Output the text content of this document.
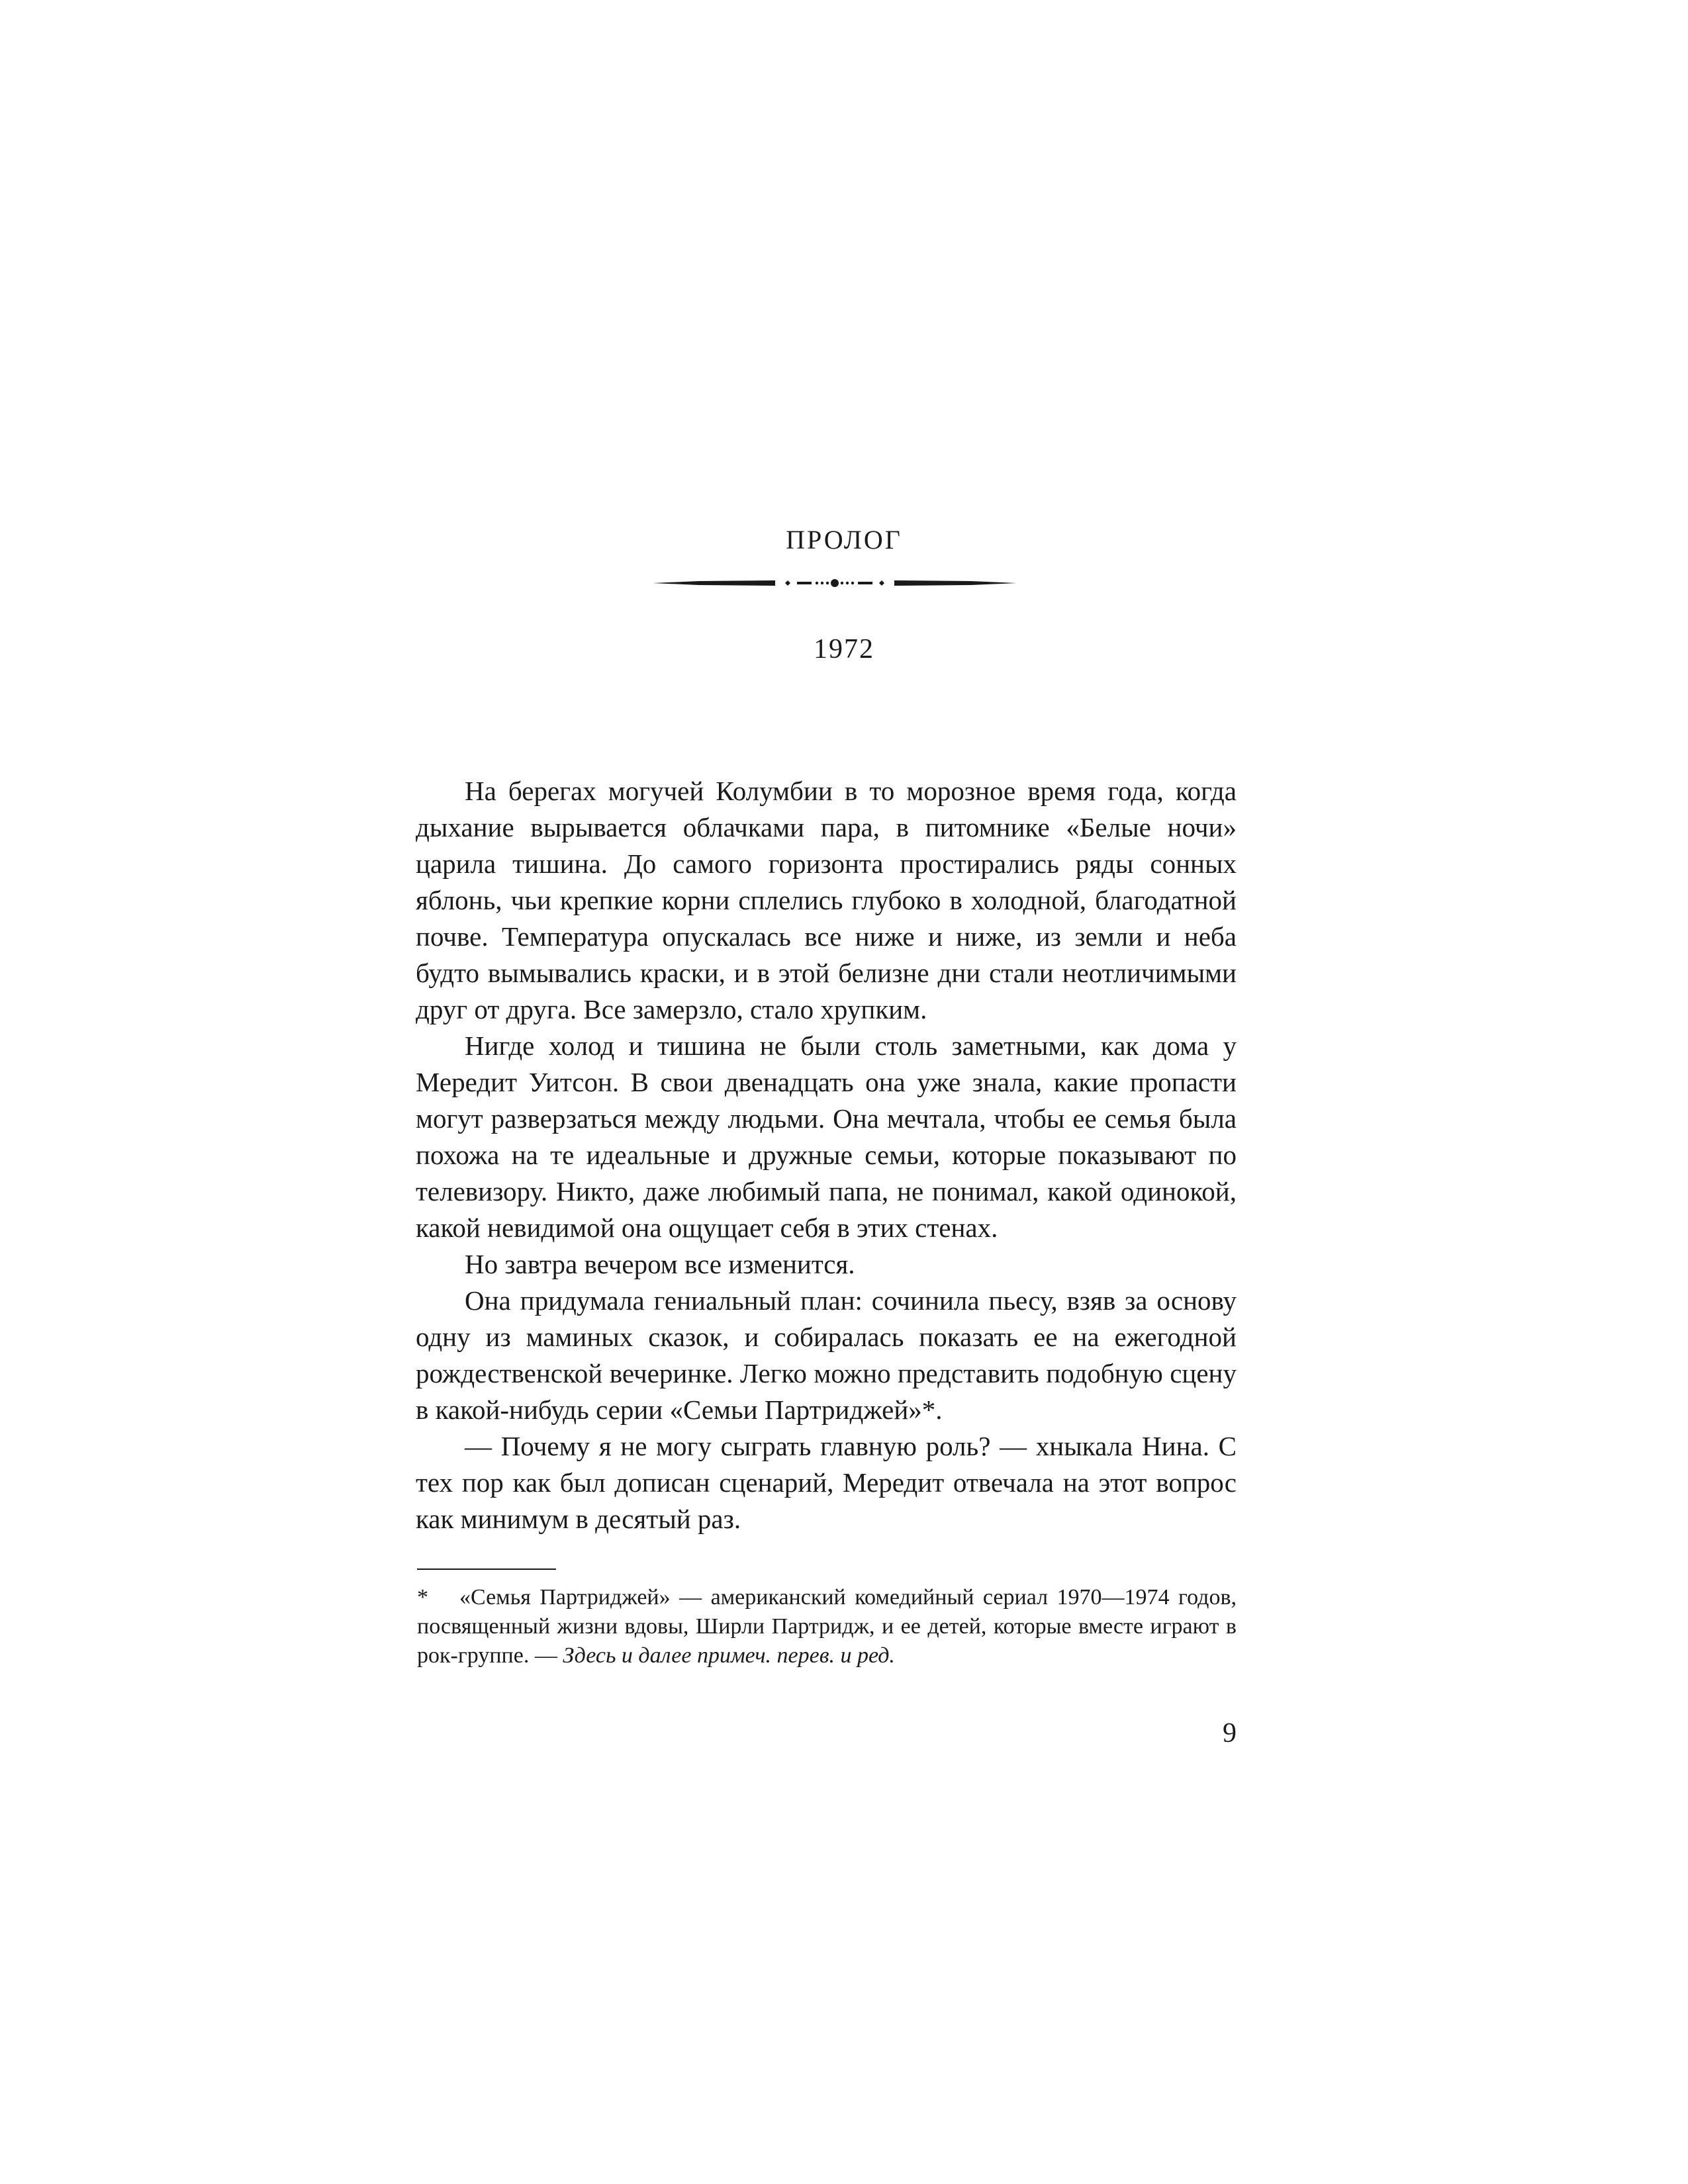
ПРОЛОГ
1972

На берегах могучей Колумбии в то морозное время года, когда дыхание вырывается облачками пара, в питомнике «Белые ночи» царила тишина. До самого горизонта простирались ряды сонных яблонь, чьи крепкие корни сплелись глубоко в холодной, благодатной почве. Температура опускалась все ниже и ниже, из земли и неба будто вымывались краски, и в этой белизне дни стали неотличимыми друг от друга. Все замерзло, стало хрупким.

Нигде холод и тишина не были столь заметными, как дома у Мередит Уитсон. В свои двенадцать она уже знала, какие пропасти могут разверзаться между людьми. Она мечтала, чтобы ее семья была похожа на те идеальные и дружные семьи, которые показывают по телевизору. Никто, даже любимый папа, не понимал, какой одинокой, какой невидимой она ощущает себя в этих стенах.

Но завтра вечером все изменится.

Она придумала гениальный план: сочинила пьесу, взяв за основу одну из маминых сказок, и собиралась показать ее на ежегодной рождественской вечеринке. Легко можно представить подобную сцену в какой-нибудь серии «Семьи Партриджей»*.

— Почему я не могу сыграть главную роль? — хныкала Нина. С тех пор как был дописан сценарий, Мередит отвечала на этот вопрос как минимум в десятый раз.

* «Семья Партриджей» — американский комедийный сериал 1970—1974 годов, посвященный жизни вдовы, Ширли Партридж, и ее детей, которые вместе играют в рок-группе. — Здесь и далее примеч. перев. и ред.
9
